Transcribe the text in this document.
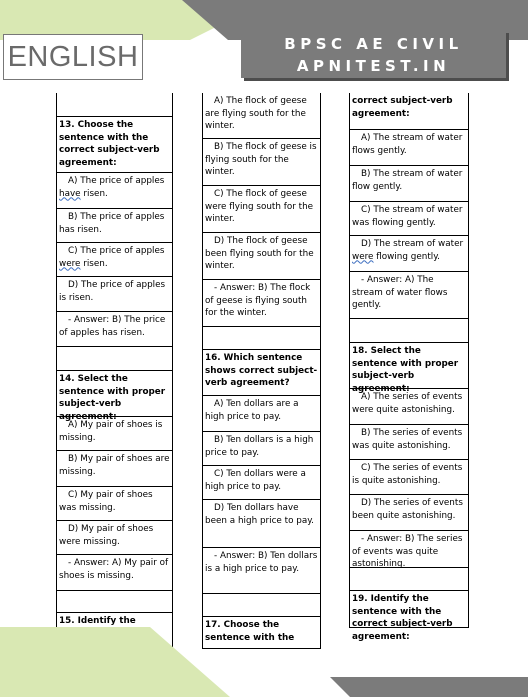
ENGLISH	BPSC AE CIVIL
APNITEST.IN
13. Choose the sentence with the correct subject-verb agreement:
A) The price of apples have risen.
B) The price of apples has risen.
C) The price of apples were risen.
D) The price of apples is risen.
- Answer: B) The price of apples has risen.
14. Select the sentence with proper subject-verb agreement:
A) My pair of shoes is missing.
B) My pair of shoes are missing.
C) My pair of shoes was missing.
D) My pair of shoes were missing.
- Answer: A) My pair of shoes is missing.
15. Identify the
A) The flock of geese are flying south for the winter.
B) The flock of geese is flying south for the winter.
C) The flock of geese were flying south for the winter.
D) The flock of geese been flying south for the winter.
- Answer: B) The flock of geese is flying south for the winter.
16. Which sentence shows correct subject-verb agreement?
A) Ten dollars are a high price to pay.
B) Ten dollars is a high price to pay.
C) Ten dollars were a high price to pay.
D) Ten dollars have been a high price to pay.
- Answer: B) Ten dollars is a high price to pay.
17. Choose the sentence with the
correct subject-verb agreement:
A) The stream of water flows gently.
B) The stream of water flow gently.
C) The stream of water was flowing gently.
D) The stream of water were flowing gently.
- Answer: A) The stream of water flows gently.
18. Select the sentence with proper subject-verb agreement:
A) The series of events were quite astonishing.
B) The series of events was quite astonishing.
C) The series of events is quite astonishing.
D) The series of events been quite astonishing.
- Answer: B) The series of events was quite astonishing.
19. Identify the sentence with the correct subject-verb agreement:
